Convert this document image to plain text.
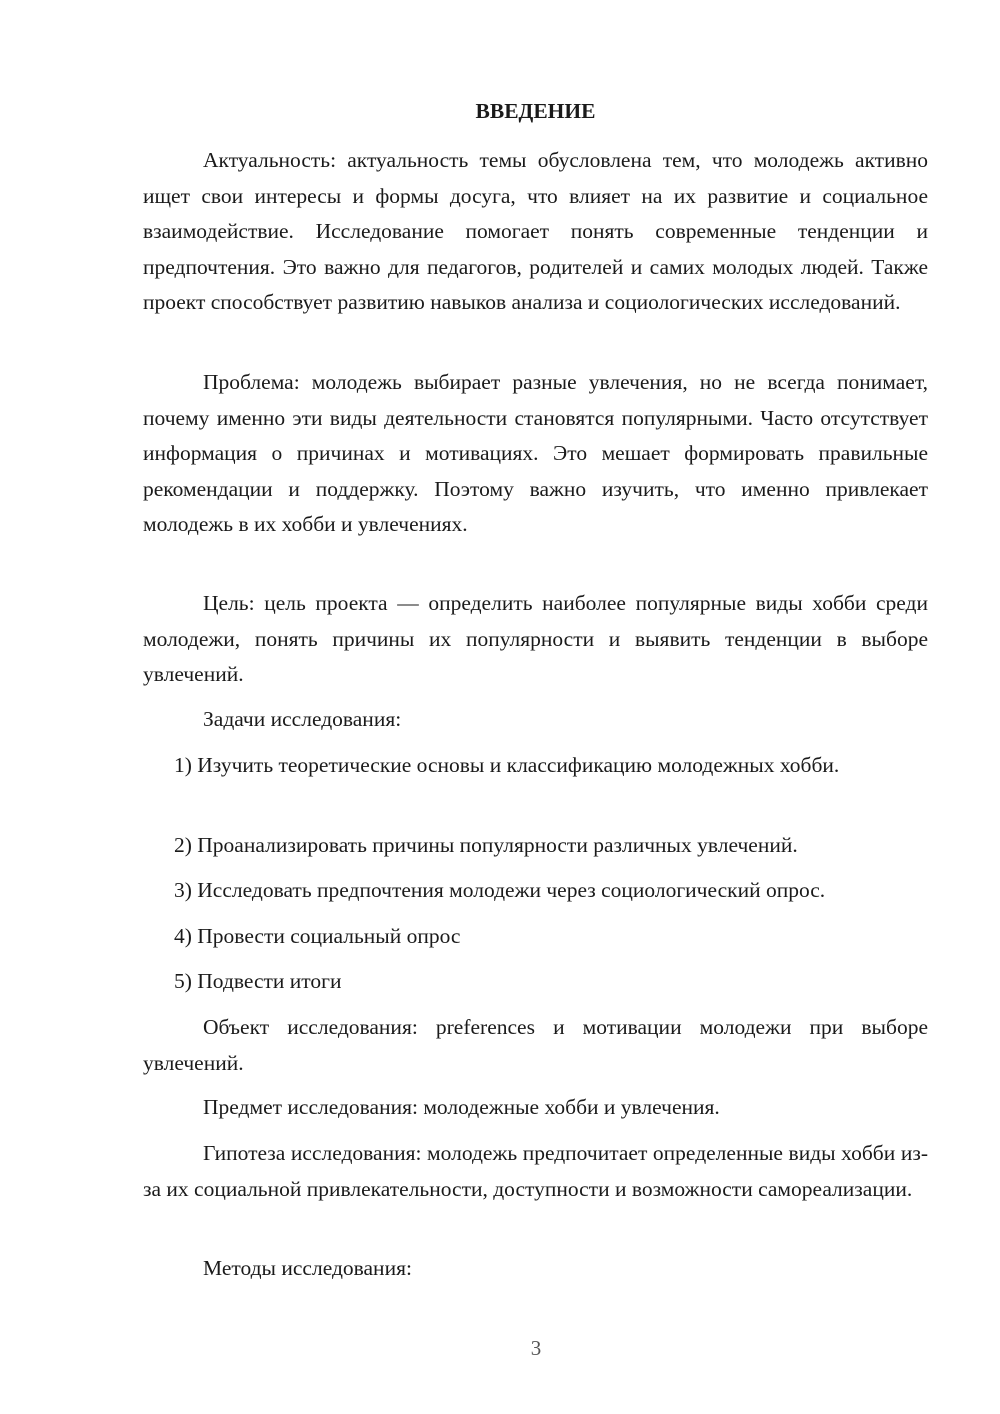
ВВЕДЕНИЕ

Актуальность: актуальность темы обусловлена тем, что молодежь активно ищет свои интересы и формы досуга, что влияет на их развитие и социальное взаимодействие. Исследование помогает понять современные тенденции и предпочтения. Это важно для педагогов, родителей и самих молодых людей. Также проект способствует развитию навыков анализа и социологических исследований.

Проблема: молодежь выбирает разные увлечения, но не всегда понимает, почему именно эти виды деятельности становятся популярными. Часто отсутствует информация о причинах и мотивациях. Это мешает формировать правильные рекомендации и поддержку. Поэтому важно изучить, что именно привлекает молодежь в их хобби и увлечениях.

Цель: цель проекта — определить наиболее популярные виды хобби среди молодежи, понять причины их популярности и выявить тенденции в выборе увлечений.

Задачи исследования:

1) Изучить теоретические основы и классификацию молодежных хобби.

2) Проанализировать причины популярности различных увлечений.

3) Исследовать предпочтения молодежи через социологический опрос.

4) Провести социальный опрос

5) Подвести итоги

Объект исследования: preferences и мотивации молодежи при выборе увлечений.

Предмет исследования: молодежные хобби и увлечения.

Гипотеза исследования: молодежь предпочитает определенные виды хобби из-за их социальной привлекательности, доступности и возможности самореализации.

Методы исследования:

3
